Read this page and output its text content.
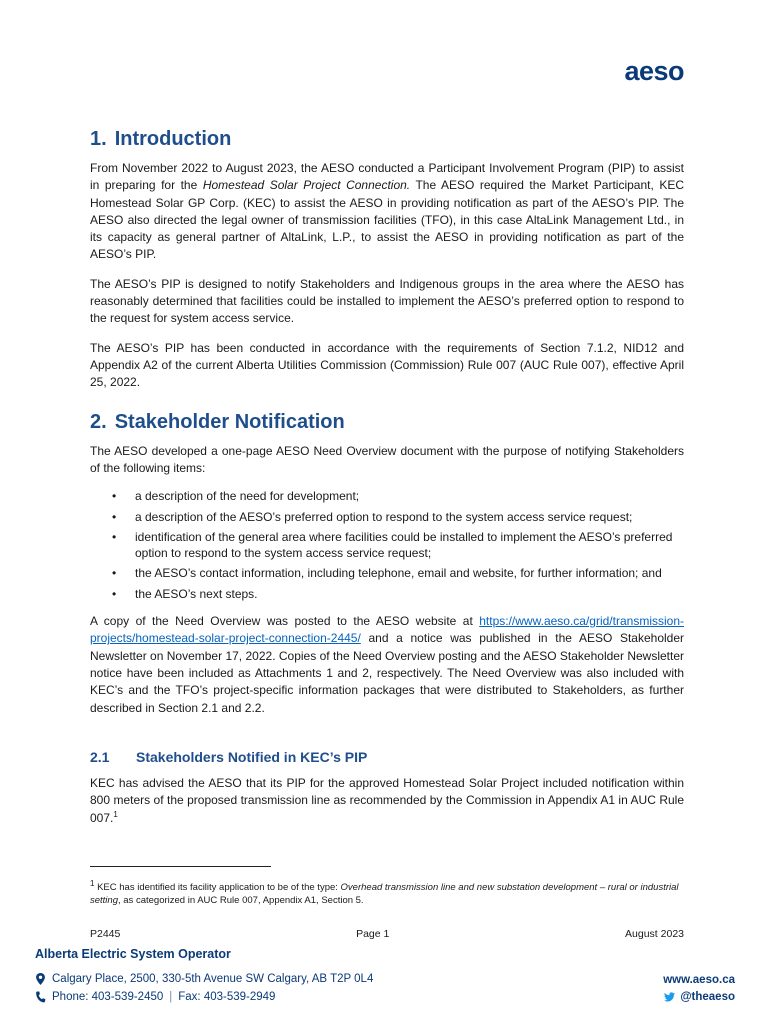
aeso
1. Introduction

From November 2022 to August 2023, the AESO conducted a Participant Involvement Program (PIP) to assist in preparing for the Homestead Solar Project Connection. The AESO required the Market Participant, KEC Homestead Solar GP Corp. (KEC) to assist the AESO in providing notification as part of the AESO’s PIP. The AESO also directed the legal owner of transmission facilities (TFO), in this case AltaLink Management Ltd., in its capacity as general partner of AltaLink, L.P., to assist the AESO in providing notification as part of the AESO’s PIP.

The AESO’s PIP is designed to notify Stakeholders and Indigenous groups in the area where the AESO has reasonably determined that facilities could be installed to implement the AESO’s preferred option to respond to the request for system access service.

The AESO’s PIP has been conducted in accordance with the requirements of Section 7.1.2, NID12 and Appendix A2 of the current Alberta Utilities Commission (Commission) Rule 007 (AUC Rule 007), effective April 25, 2022.

2. Stakeholder Notification

The AESO developed a one-page AESO Need Overview document with the purpose of notifying Stakeholders of the following items:

• a description of the need for development;
• a description of the AESO’s preferred option to respond to the system access service request;
• identification of the general area where facilities could be installed to implement the AESO’s preferred option to respond to the system access service request;
• the AESO’s contact information, including telephone, email and website, for further information; and
• the AESO’s next steps.

A copy of the Need Overview was posted to the AESO website at https://www.aeso.ca/grid/transmission-projects/homestead-solar-project-connection-2445/ and a notice was published in the AESO Stakeholder Newsletter on November 17, 2022. Copies of the Need Overview posting and the AESO Stakeholder Newsletter notice have been included as Attachments 1 and 2, respectively. The Need Overview was also included with KEC’s and the TFO’s project-specific information packages that were distributed to Stakeholders, as further described in Section 2.1 and 2.2.

2.1	Stakeholders Notified in KEC’s PIP

KEC has advised the AESO that its PIP for the approved Homestead Solar Project included notification within 800 meters of the proposed transmission line as recommended by the Commission in Appendix A1 in AUC Rule 007.$^1$

$^1$ KEC has identified its facility application to be of the type: Overhead transmission line and new substation development – rural or industrial setting, as categorized in AUC Rule 007, Appendix A1, Section 5.
P2445	Page 1	August 2023
Alberta Electric System Operator
Calgary Place, 2500, 330-5th Avenue SW Calgary, AB T2P 0L4
Phone: 403-539-2450 | Fax: 403-539-2949
www.aeso.ca
@theaeso
